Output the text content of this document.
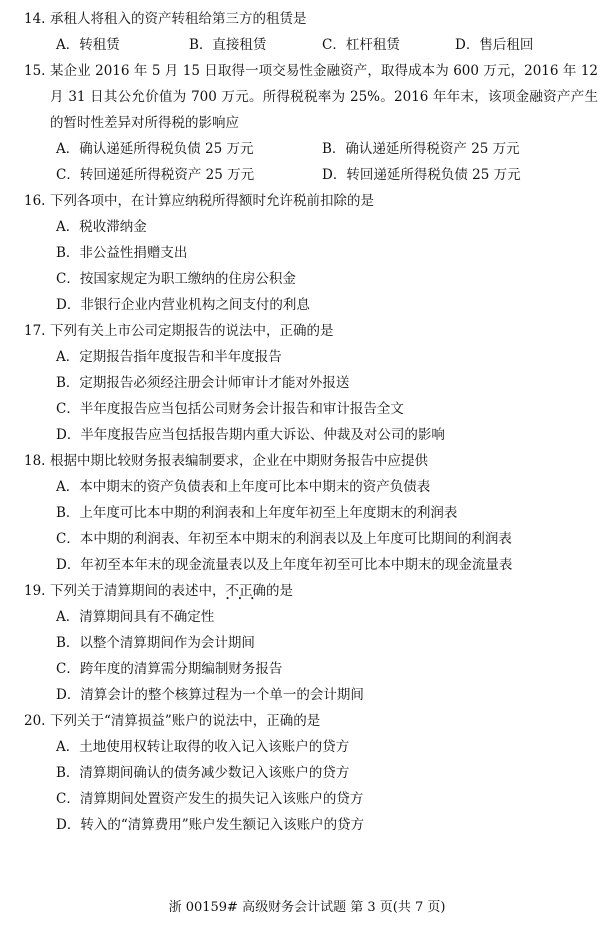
14. 承租人将租入的资产转租给第三方的租赁是
A．转租赁	B．直接租赁	C．杠杆租赁	D．售后租回
15. 某企业 2016 年 5 月 15 日取得一项交易性金融资产，取得成本为 600 万元，2016 年 12 月 31 日其公允价值为 700 万元。所得税税率为 25%。2016 年年末，该项金融资产产生的暂时性差异对所得税的影响应
A．确认递延所得税负债 25 万元	B．确认递延所得税资产 25 万元
C．转回递延所得税资产 25 万元	D．转回递延所得税负债 25 万元
16. 下列各项中，在计算应纳税所得额时允许税前扣除的是
A．税收滞纳金
B．非公益性捐赠支出
C．按国家规定为职工缴纳的住房公积金
D．非银行企业内营业机构之间支付的利息
17. 下列有关上市公司定期报告的说法中，正确的是
A．定期报告指年度报告和半年度报告
B．定期报告必须经注册会计师审计才能对外报送
C．半年度报告应当包括公司财务会计报告和审计报告全文
D．半年度报告应当包括报告期内重大诉讼、仲裁及对公司的影响
18. 根据中期比较财务报表编制要求，企业在中期财务报告中应提供
A．本中期末的资产负债表和上年度可比本中期末的资产负债表
B．上年度可比本中期的利润表和上年度年初至上年度期末的利润表
C．本中期的利润表、年初至本中期末的利润表以及上年度可比期间的利润表
D．年初至本年末的现金流量表以及上年度年初至可比本中期末的现金流量表
19. 下列关于清算期间的表述中，不正确 • • •的是
A．清算期间具有不确定性
B．以整个清算期间作为会计期间
C．跨年度的清算需分期编制财务报告
D．清算会计的整个核算过程为一个单一的会计期间
20. 下列关于“清算损益”账户的说法中，正确的是
A．土地使用权转让取得的收入记入该账户的贷方
B．清算期间确认的债务减少数记入该账户的贷方
C．清算期间处置资产发生的损失记入该账户的贷方
D．转入的“清算费用”账户发生额记入该账户的贷方
浙 00159# 高级财务会计试题 第 3 页(共 7 页)
